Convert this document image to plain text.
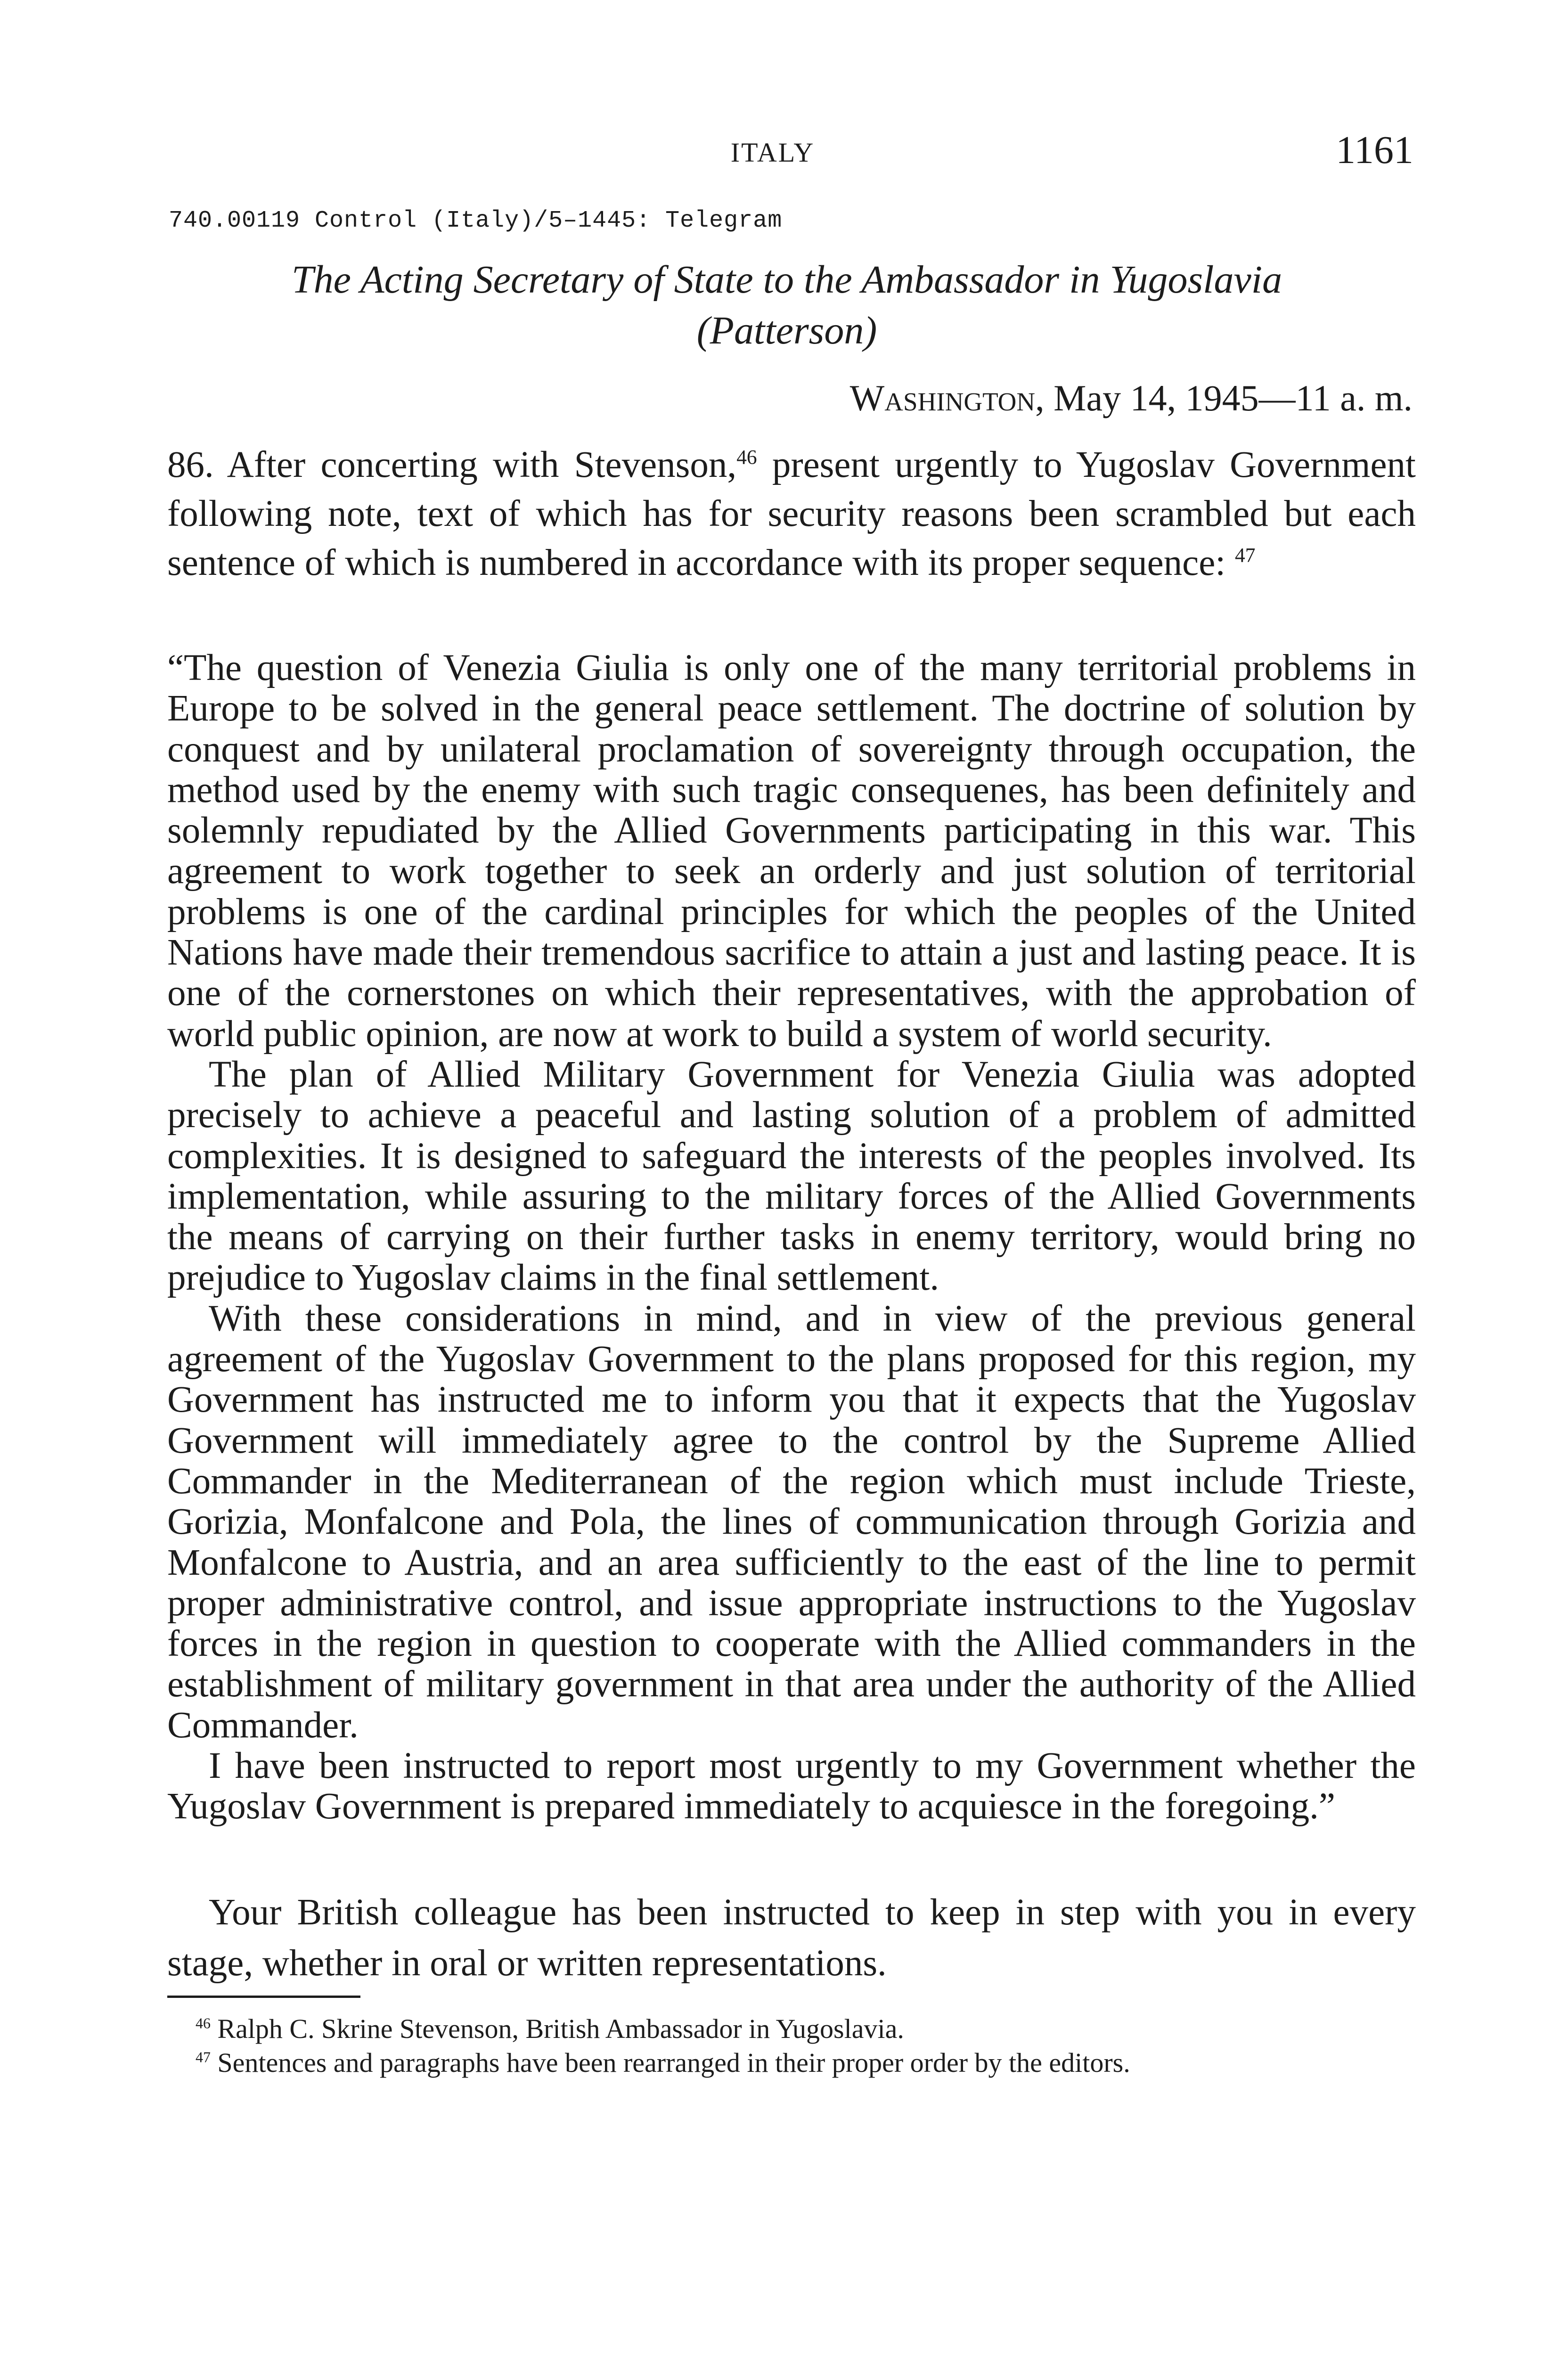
ITALY	1161
740.00119 Control (Italy)/5–1445: Telegram
The Acting Secretary of State to the Ambassador in Yugoslavia
(Patterson)
Washington, May 14, 1945—11 a. m.
86. After concerting with Stevenson,$^{46}$ present urgently to Yugoslav Government following note, text of which has for security reasons been scrambled but each sentence of which is numbered in accordance with its proper sequence: $^{47}$

“The question of Venezia Giulia is only one of the many territorial problems in Europe to be solved in the general peace settlement. The doctrine of solution by conquest and by unilateral proclamation of sovereignty through occupation, the method used by the enemy with such tragic consequenes, has been definitely and solemnly repudiated by the Allied Governments participating in this war. This agreement to work together to seek an orderly and just solution of territorial problems is one of the cardinal principles for which the peoples of the United Nations have made their tremendous sacrifice to attain a just and lasting peace. It is one of the cornerstones on which their representatives, with the approbation of world public opinion, are now at work to build a system of world security.

The plan of Allied Military Government for Venezia Giulia was adopted precisely to achieve a peaceful and lasting solution of a problem of admitted complexities. It is designed to safeguard the interests of the peoples involved. Its implementation, while assuring to the military forces of the Allied Governments the means of carrying on their further tasks in enemy territory, would bring no prejudice to Yugoslav claims in the final settlement.

With these considerations in mind, and in view of the previous general agreement of the Yugoslav Government to the plans proposed for this region, my Government has instructed me to inform you that it expects that the Yugoslav Government will immediately agree to the control by the Supreme Allied Commander in the Mediterranean of the region which must include Trieste, Gorizia, Monfalcone and Pola, the lines of communication through Gorizia and Monfalcone to Austria, and an area sufficiently to the east of the line to permit proper administrative control, and issue appropriate instructions to the Yugoslav forces in the region in question to cooperate with the Allied commanders in the establishment of military government in that area under the authority of the Allied Commander.

I have been instructed to report most urgently to my Government whether the Yugoslav Government is prepared immediately to acquiesce in the foregoing.”

Your British colleague has been instructed to keep in step with you in every stage, whether in oral or written representations.

$^{46}$ Ralph C. Skrine Stevenson, British Ambassador in Yugoslavia.

$^{47}$ Sentences and paragraphs have been rearranged in their proper order by the editors.
